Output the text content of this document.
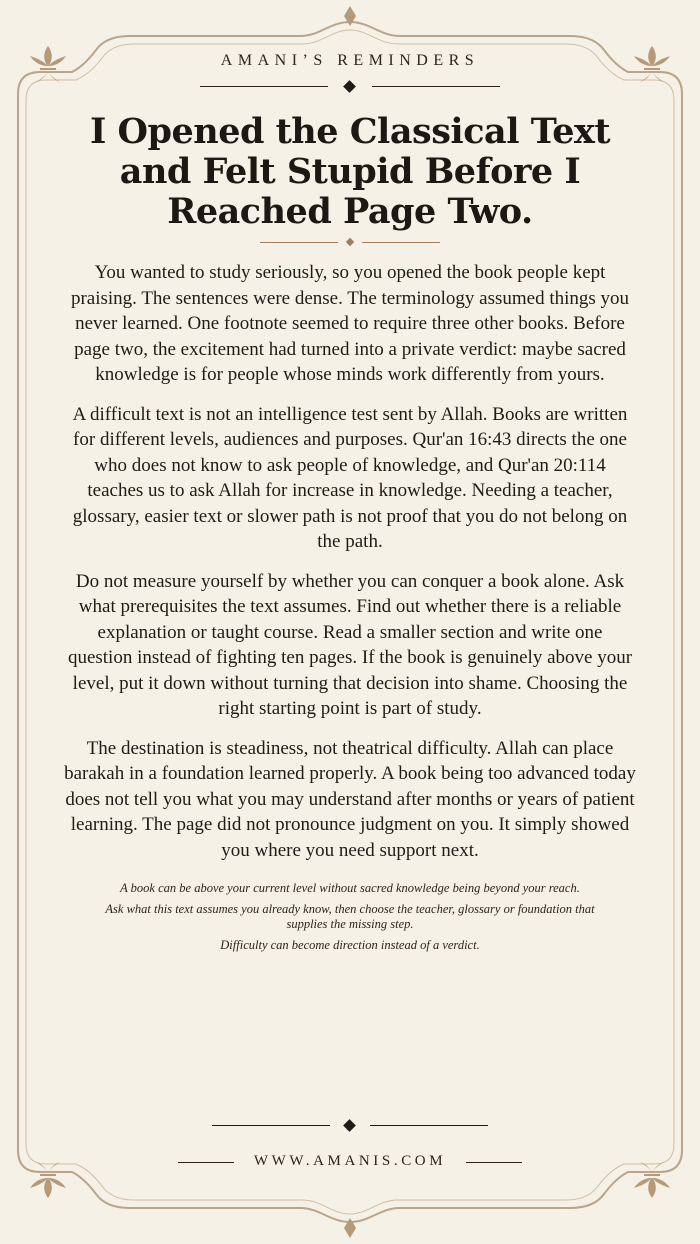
AMANI’S REMINDERS
I Opened the Classical Text and Felt Stupid Before I Reached Page Two.

You wanted to study seriously, so you opened the book people kept praising. The sentences were dense. The terminology assumed things you never learned. One footnote seemed to require three other books. Before page two, the excitement had turned into a private verdict: maybe sacred knowledge is for people whose minds work differently from yours.

A difficult text is not an intelligence test sent by Allah. Books are written for different levels, audiences and purposes. Qur'an 16:43 directs the one who does not know to ask people of knowledge, and Qur'an 20:114 teaches us to ask Allah for increase in knowledge. Needing a teacher, glossary, easier text or slower path is not proof that you do not belong on the path.

Do not measure yourself by whether you can conquer a book alone. Ask what prerequisites the text assumes. Find out whether there is a reliable explanation or taught course. Read a smaller section and write one question instead of fighting ten pages. If the book is genuinely above your level, put it down without turning that decision into shame. Choosing the right starting point is part of study.

The destination is steadiness, not theatrical difficulty. Allah can place barakah in a foundation learned properly. A book being too advanced today does not tell you what you may understand after months or years of patient learning. The page did not pronounce judgment on you. It simply showed you where you need support next.

A book can be above your current level without sacred knowledge being beyond your reach.
Ask what this text assumes you already know, then choose the teacher, glossary or foundation that supplies the missing step.
Difficulty can become direction instead of a verdict.
WWW.AMANIS.COM
